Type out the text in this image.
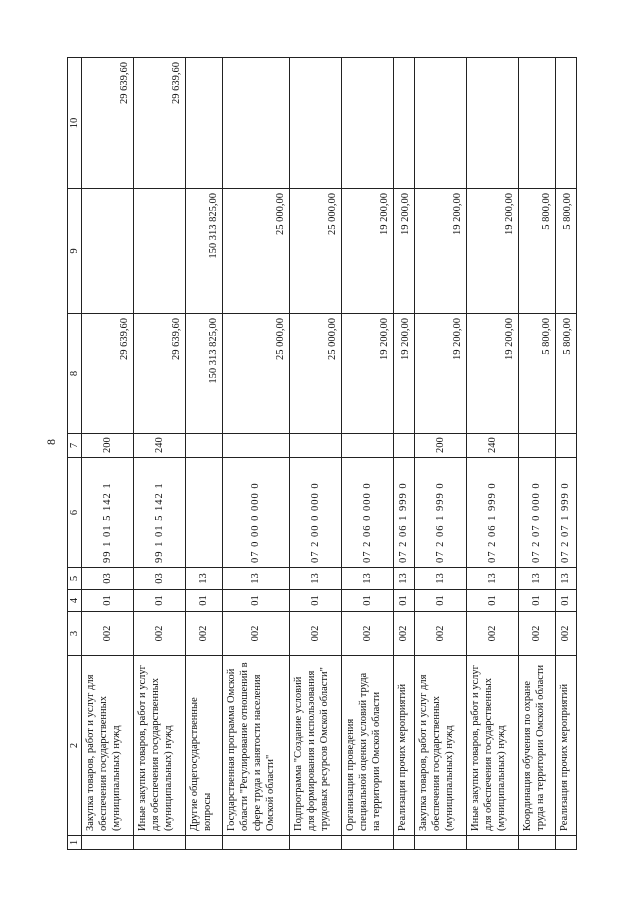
8
1	2	3	4	5	6	7	8	9	10
	Закупка товаров, работ и услуг для обеспечения государственных (муниципальных) нужд	002	01	03	99 1 01 5 142 1	200	29 639,60		29 639,60
	Иные закупки товаров, работ и услуг для обеспечения государственных (муниципальных) нужд	002	01	03	99 1 01 5 142 1	240	29 639,60		29 639,60
	Другие общегосударственные вопросы	002	01	13			150 313 825,00	150 313 825,00	
	Государственная программа Омской области "Регулирование отношений в сфере труда и занятости населения Омской области"	002	01	13	07 0 00 0 000 0		25 000,00	25 000,00	
	Подпрограмма "Создание условий для формирования и использования трудовых ресурсов Омской области"	002	01	13	07 2 00 0 000 0		25 000,00	25 000,00	
	Организация проведения специальной оценки условий труда на территории Омской области	002	01	13	07 2 06 0 000 0		19 200,00	19 200,00	
	Реализация прочих мероприятий	002	01	13	07 2 06 1 999 0		19 200,00	19 200,00	
	Закупка товаров, работ и услуг для обеспечения государственных (муниципальных) нужд	002	01	13	07 2 06 1 999 0	200	19 200,00	19 200,00	
	Иные закупки товаров, работ и услуг для обеспечения государственных (муниципальных) нужд	002	01	13	07 2 06 1 999 0	240	19 200,00	19 200,00	
	Координация обучения по охране труда на территории Омской области	002	01	13	07 2 07 0 000 0		5 800,00	5 800,00	
	Реализация прочих мероприятий	002	01	13	07 2 07 1 999 0		5 800,00	5 800,00	
